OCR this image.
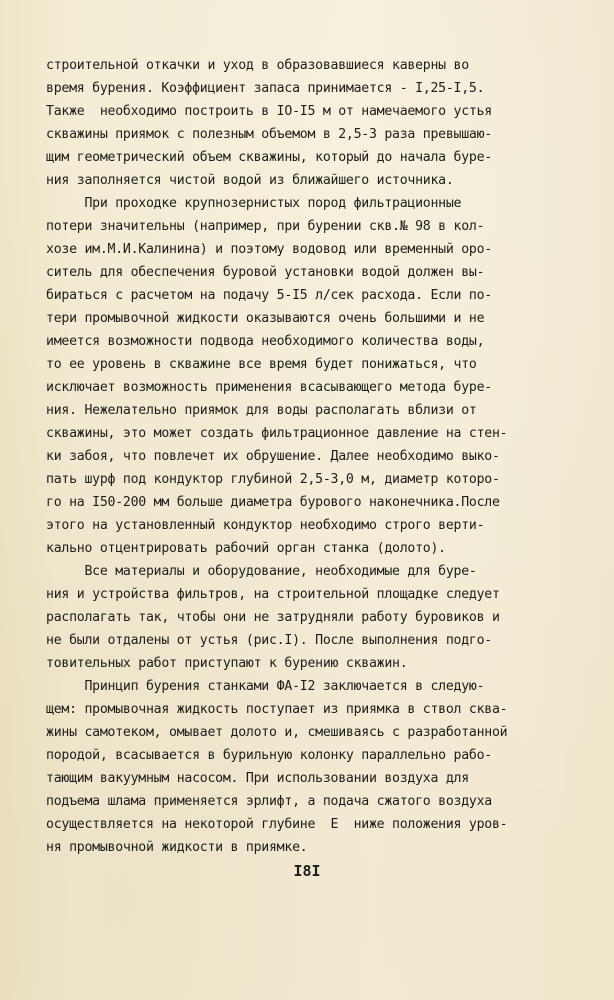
строительной откачки и уход в образовавшиеся каверны во
время бурения. Коэффициент запаса принимается - I,25-I,5.
Также  необходимо построить в IO-I5 м от намечаемого устья
скважины приямок с полезным объемом в 2,5-3 раза превышаю-
щим геометрический объем скважины, который до начала буре-
ния заполняется чистой водой из ближайшего источника.
При проходке крупнозернистых пород фильтрационные
потери значительны (например, при бурении скв.№ 98 в кол-
хозе им.М.И.Калинина) и поэтому водовод или временный оро-
ситель для обеспечения буровой установки водой должен вы-
бираться с расчетом на подачу 5-I5 л/сек расхода. Если по-
тери промывочной жидкости оказываются очень большими и не
имеется возможности подвода необходимого количества воды,
то ее уровень в скважине все время будет понижаться, что
исключает возможность применения всасывающего метода буре-
ния. Нежелательно приямок для воды располагать вблизи от
скважины, это может создать фильтрационное давление на стен-
ки забоя, что повлечет их обрушение. Далее необходимо выко-
пать шурф под кондуктор глубиной 2,5-3,0 м, диаметр которо-
го на I50-200 мм больше диаметра бурового наконечника.После
этого на установленный кондуктор необходимо строго верти-
кально отцентрировать рабочий орган станка (долото).
Все материалы и оборудование, необходимые для буре-
ния и устройства фильтров, на строительной площадке следует
располагать так, чтобы они не затрудняли работу буровиков и
не были отдалены от устья (рис.I). После выполнения подго-
товительных работ приступают к бурению скважин.
Принцип бурения станками ФА-I2 заключается в следую-
щем: промывочная жидкость поступает из приямка в ствол сква-
жины самотеком, омывает долото и, смешиваясь с разработанной
породой, всасывается в бурильную колонку параллельно рабо-
тающим вакуумным насосом. При использовании воздуха для
подъема шлама применяется эрлифт, а подача сжатого воздуха
осуществляется на некоторой глубине  E  ниже положения уров-
ня промывочной жидкости в приямке.
I8I
